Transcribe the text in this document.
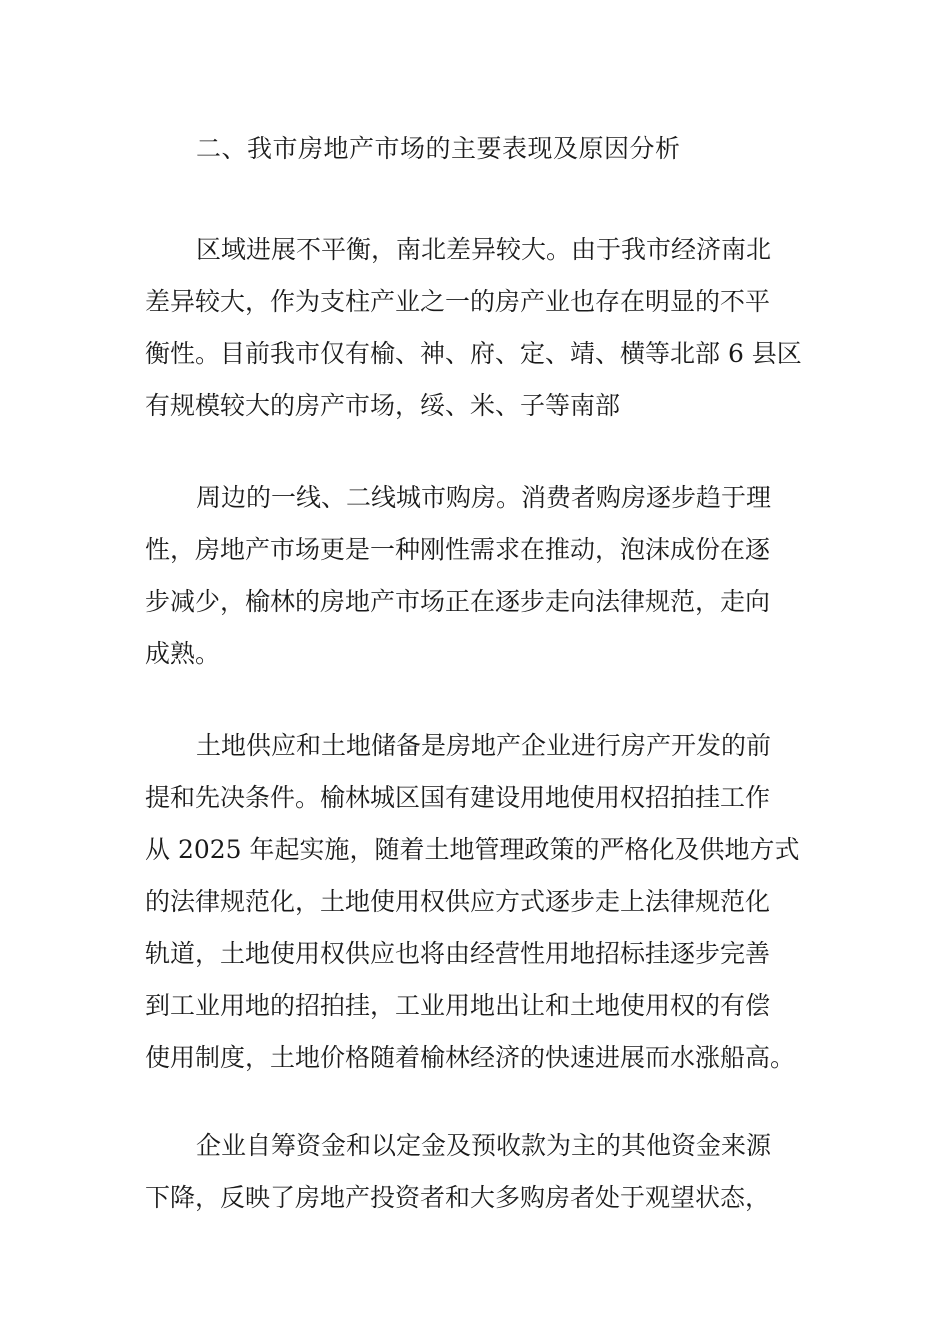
二、我市房地产市场的主要表现及原因分析

区域进展不平衡，南北差异较大。由于我市经济南北
差异较大，作为支柱产业之一的房产业也存在明显的不平
衡性。目前我市仅有榆、神、府、定、靖、横等北部 6 县区
有规模较大的房产市场，绥、米、子等南部

周边的一线、二线城市购房。消费者购房逐步趋于理
性，房地产市场更是一种刚性需求在推动，泡沫成份在逐
步减少，榆林的房地产市场正在逐步走向法律规范，走向
成熟。

土地供应和土地储备是房地产企业进行房产开发的前
提和先决条件。榆林城区国有建设用地使用权招拍挂工作
从 2025 年起实施，随着土地管理政策的严格化及供地方式
的法律规范化，土地使用权供应方式逐步走上法律规范化
轨道，土地使用权供应也将由经营性用地招标挂逐步完善
到工业用地的招拍挂，工业用地出让和土地使用权的有偿
使用制度，土地价格随着榆林经济的快速进展而水涨船高。

企业自筹资金和以定金及预收款为主的其他资金来源
下降，反映了房地产投资者和大多购房者处于观望状态，
